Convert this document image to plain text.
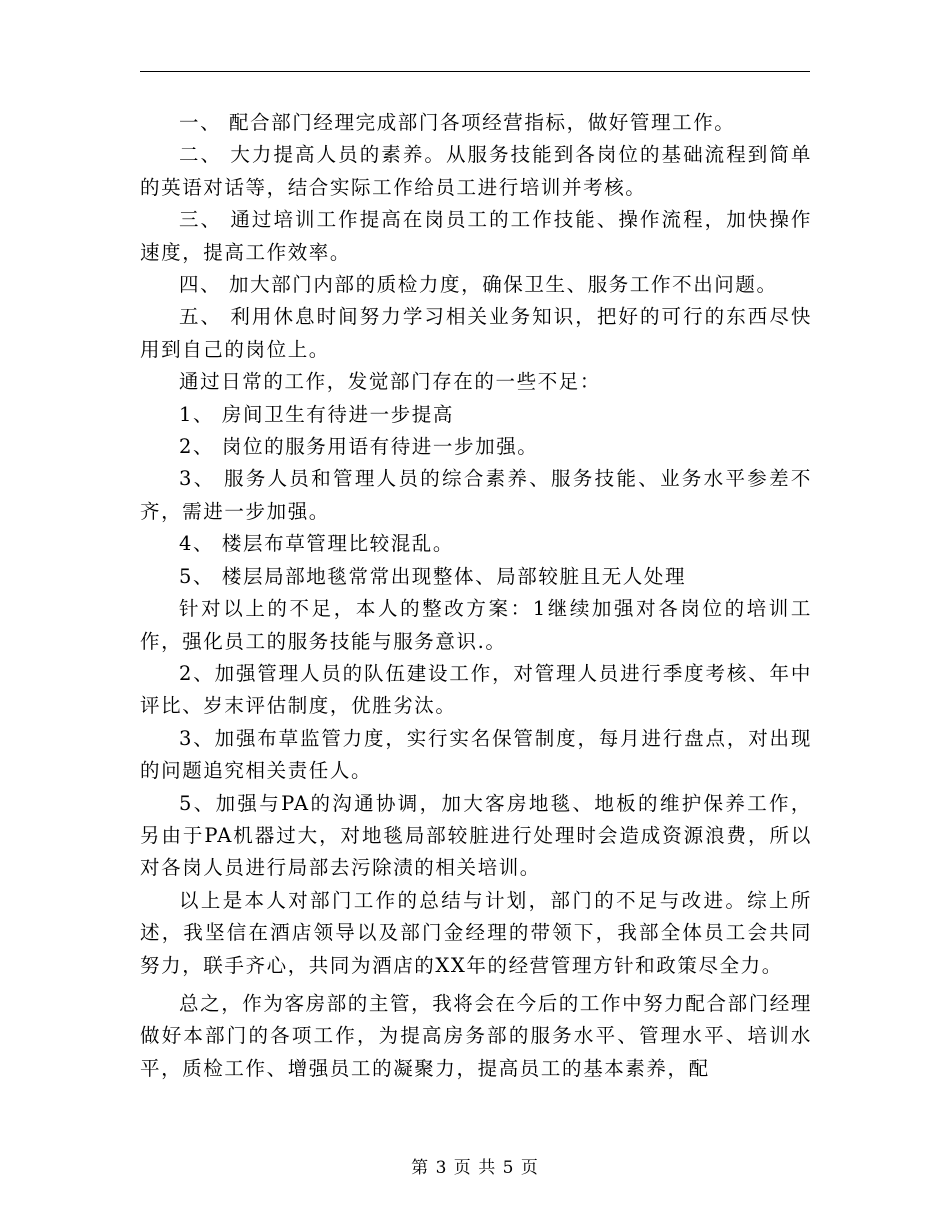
一、 配合部门经理完成部门各项经营指标，做好管理工作。

二、 大力提高人员的素养。从服务技能到各岗位的基础流程到简单的英语对话等，结合实际工作给员工进行培训并考核。

三、 通过培训工作提高在岗员工的工作技能、操作流程，加快操作速度，提高工作效率。

四、 加大部门内部的质检力度，确保卫生、服务工作不出问题。

五、 利用休息时间努力学习相关业务知识，把好的可行的东西尽快用到自己的岗位上。

通过日常的工作，发觉部门存在的一些不足：

1、 房间卫生有待进一步提高

2、 岗位的服务用语有待进一步加强。

3、 服务人员和管理人员的综合素养、服务技能、业务水平参差不齐，需进一步加强。

4、 楼层布草管理比较混乱。

5、 楼层局部地毯常常出现整体、局部较脏且无人处理

针对以上的不足，本人的整改方案：1继续加强对各岗位的培训工作，强化员工的服务技能与服务意识.。

2、加强管理人员的队伍建设工作，对管理人员进行季度考核、年中评比、岁末评估制度，优胜劣汰。

3、加强布草监管力度，实行实名保管制度，每月进行盘点，对出现的问题追究相关责任人。

5、加强与PA的沟通协调，加大客房地毯、地板的维护保养工作，另由于PA机器过大，对地毯局部较脏进行处理时会造成资源浪费，所以对各岗人员进行局部去污除渍的相关培训。

以上是本人对部门工作的总结与计划，部门的不足与改进。综上所述，我坚信在酒店领导以及部门金经理的带领下，我部全体员工会共同努力，联手齐心，共同为酒店的XX年的经营管理方针和政策尽全力。

总之，作为客房部的主管，我将会在今后的工作中努力配合部门经理做好本部门的各项工作，为提高房务部的服务水平、管理水平、培训水平，质检工作、增强员工的凝聚力，提高员工的基本素养，配

第 3 页 共 5 页
